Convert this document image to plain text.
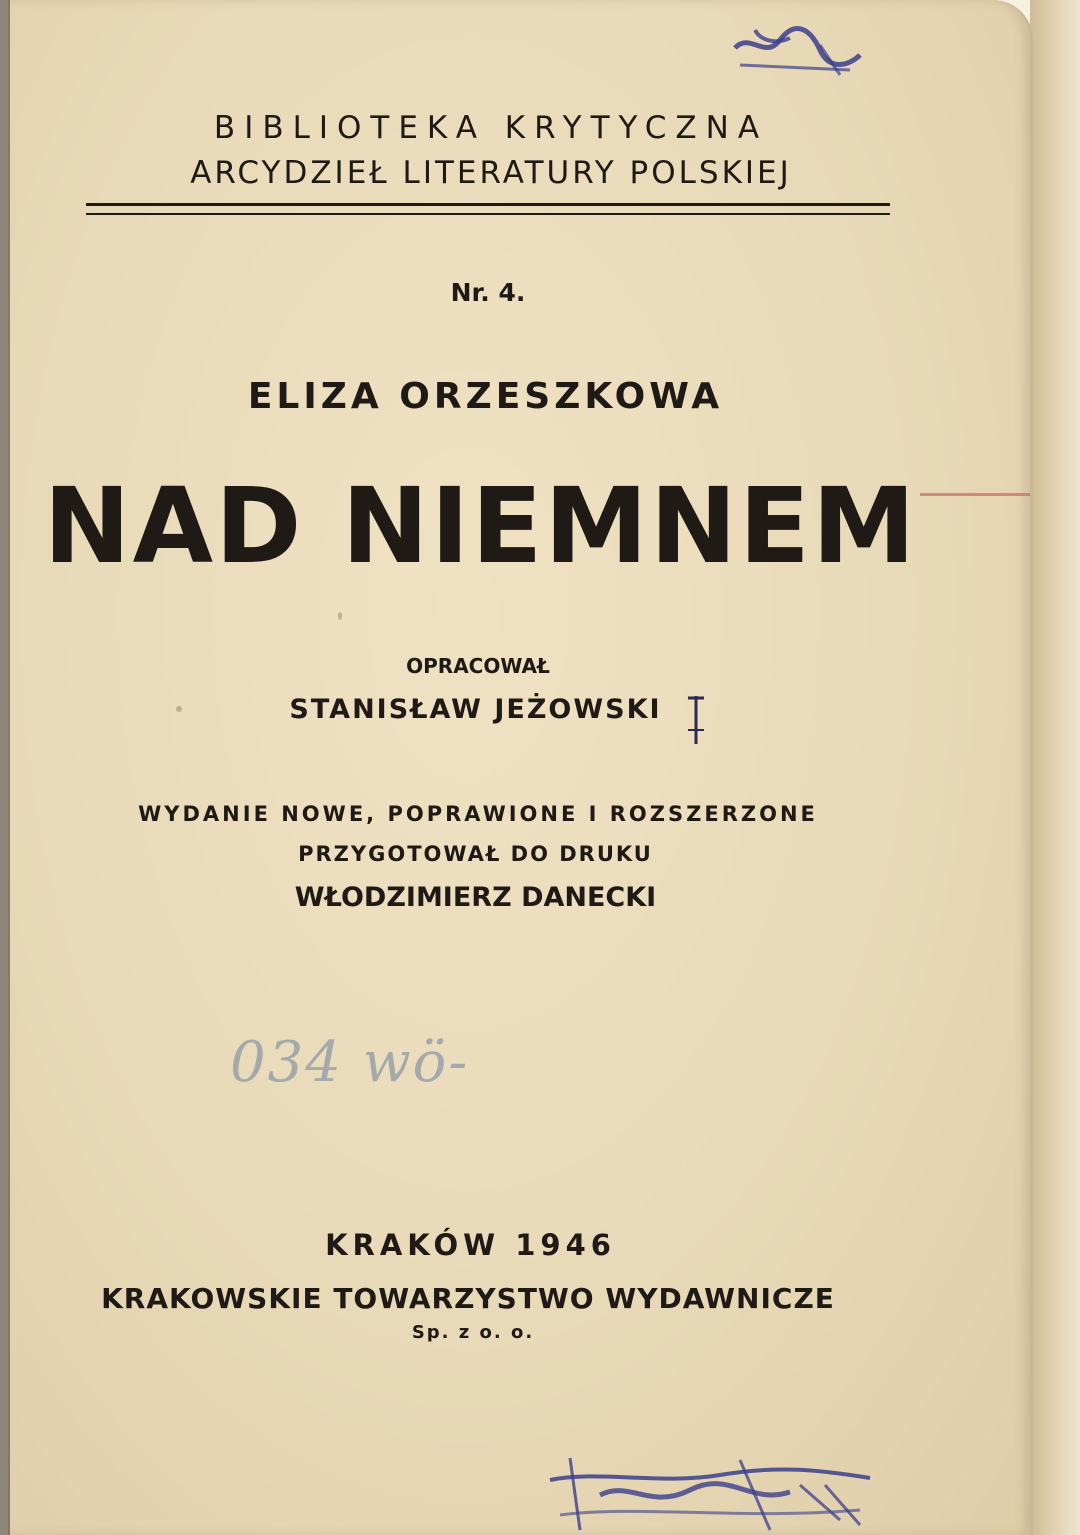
BIBLIOTEKA KRYTYCZNA
ARCYDZIEŁ LITERATURY POLSKIEJ
Nr. 4.
ELIZA ORZESZKOWA
NAD NIEMNEM
OPRACOWAŁ
STANISŁAW JEŻOWSKI
WYDANIE NOWE, POPRAWIONE I ROZSZERZONE
PRZYGOTOWAŁ DO DRUKU
WŁODZIMIERZ DANECKI
034 wö-
KRAKÓW 1946
KRAKOWSKIE TOWARZYSTWO WYDAWNICZE
Sp. z o. o.
